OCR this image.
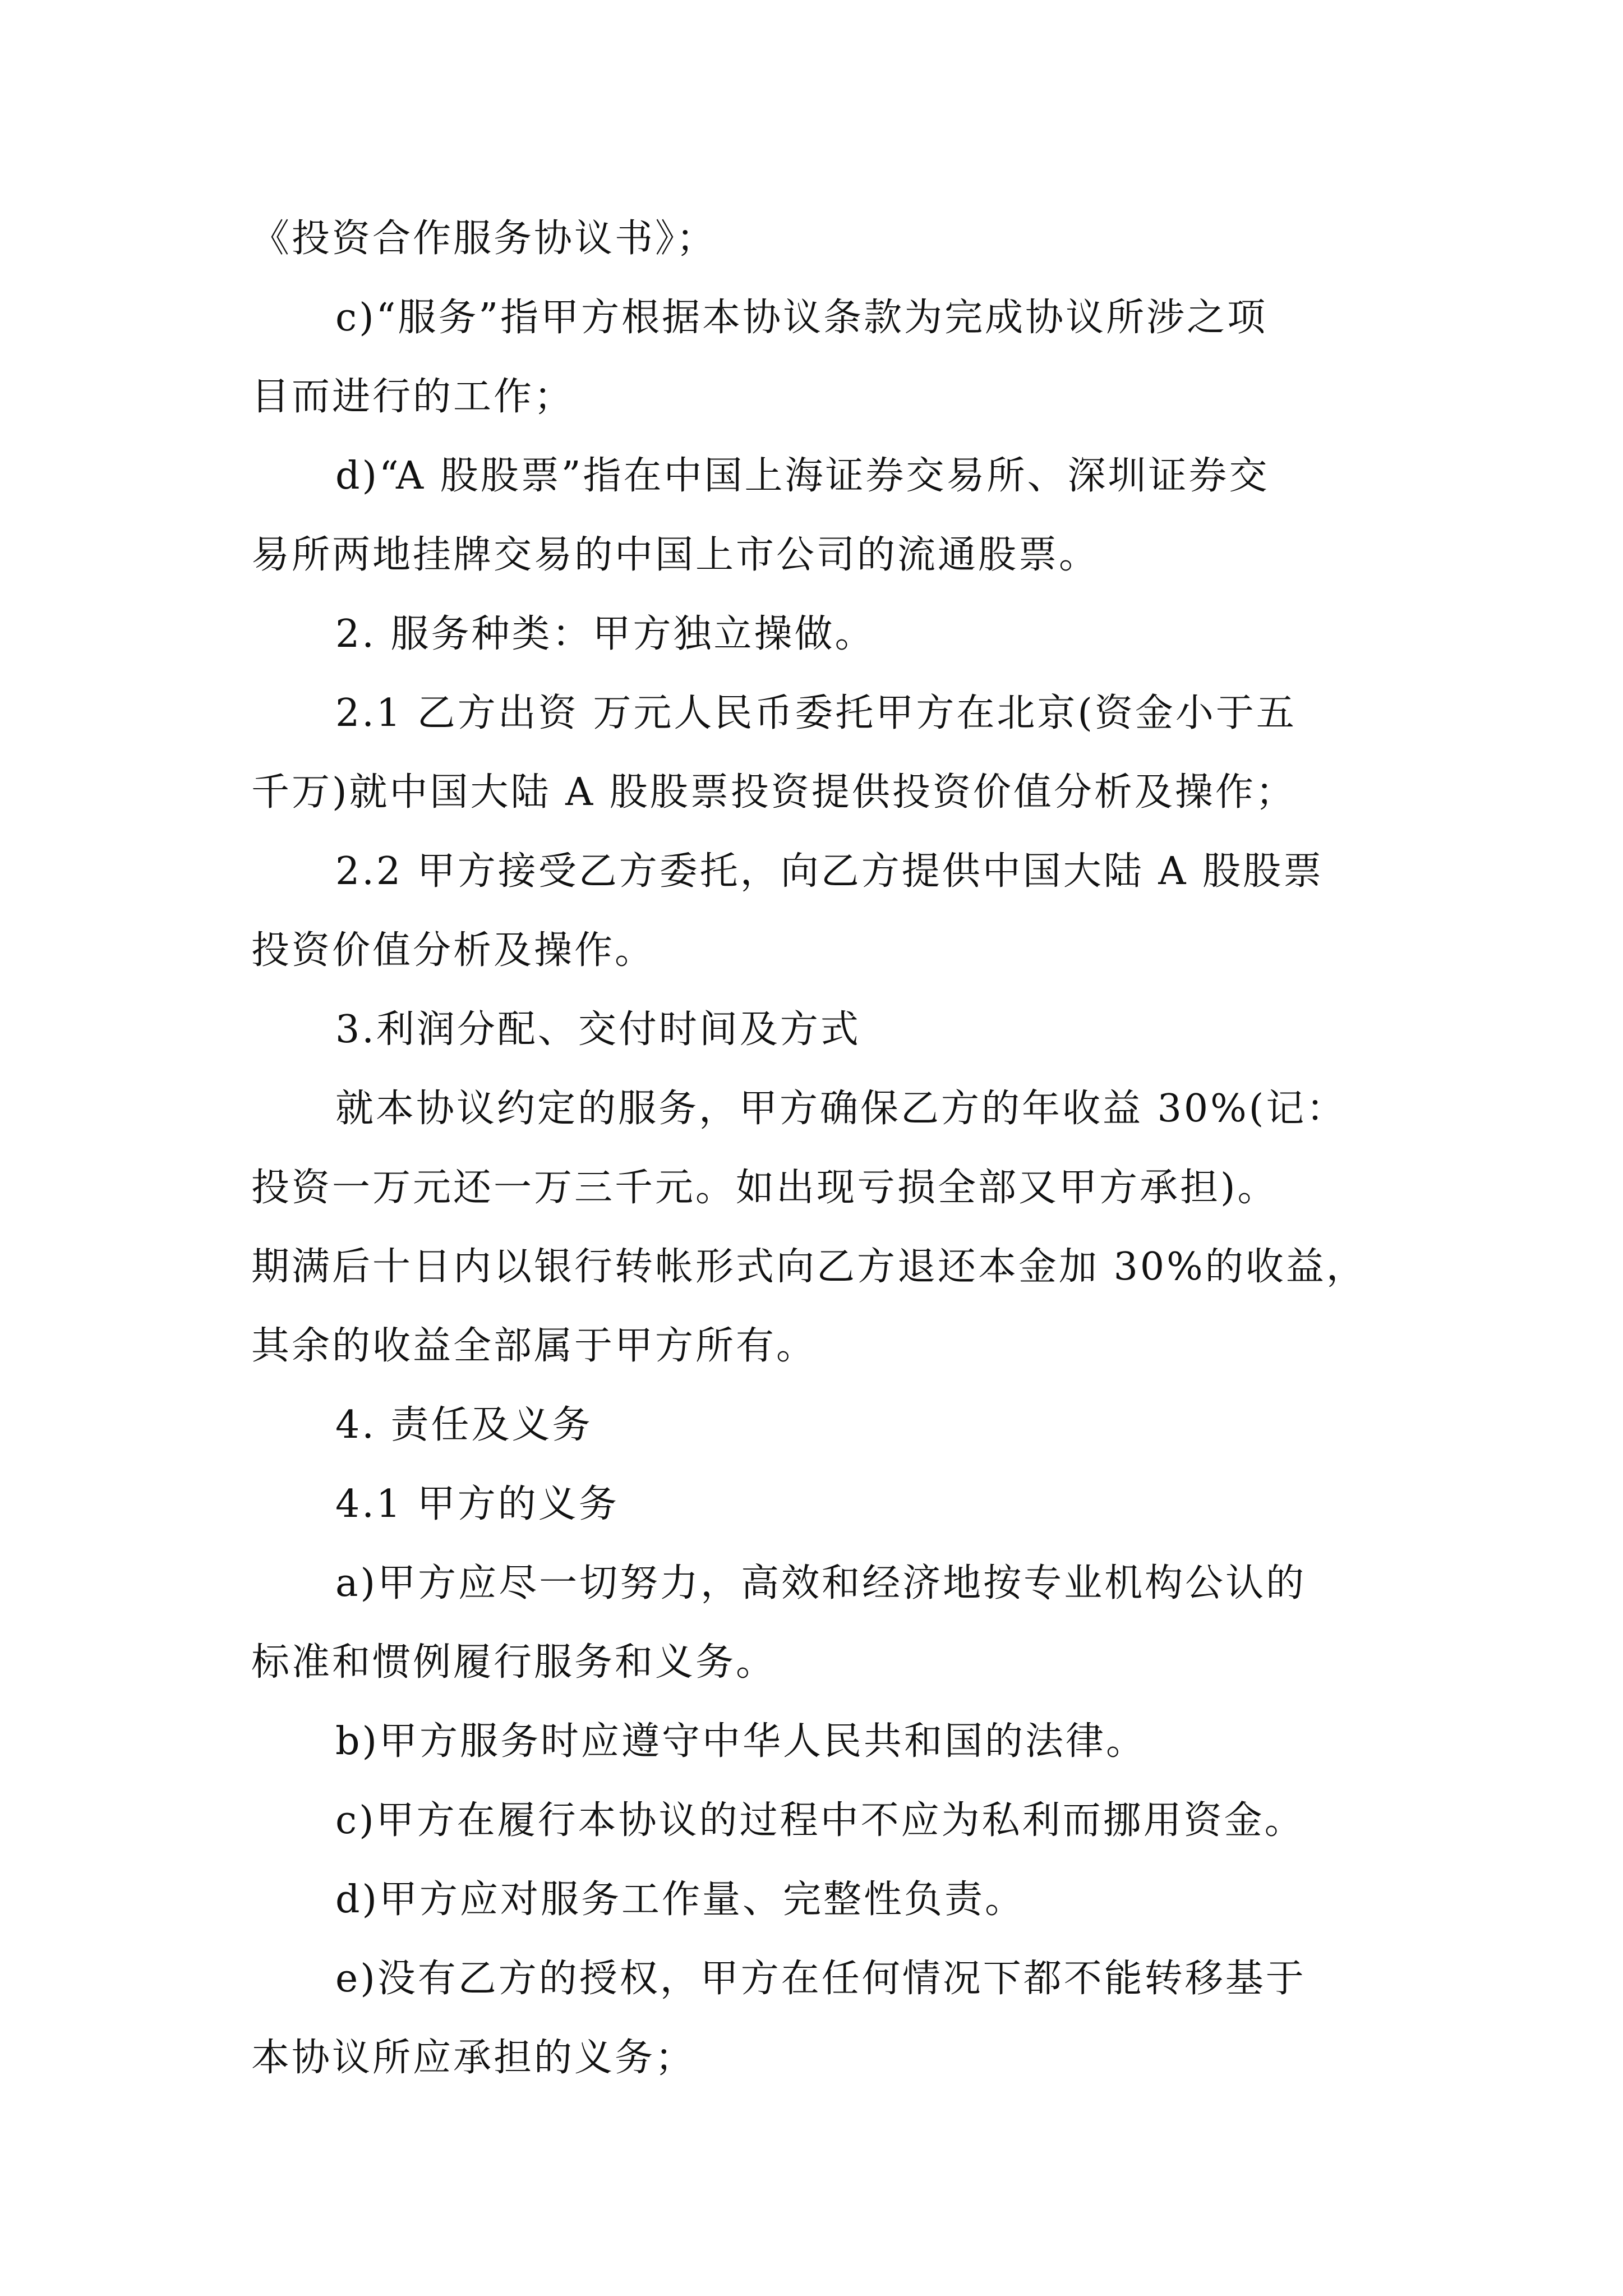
《投资合作服务协议书》；
c)“服务”指甲方根据本协议条款为完成协议所涉之项
目而进行的工作；
d)“A 股股票”指在中国上海证券交易所、深圳证券交
易所两地挂牌交易的中国上市公司的流通股票。
2. 服务种类：甲方独立操做。
2.1 乙方出资 万元人民币委托甲方在北京(资金小于五
千万)就中国大陆 A 股股票投资提供投资价值分析及操作；
2.2 甲方接受乙方委托，向乙方提供中国大陆 A 股股票
投资价值分析及操作。
3.利润分配、交付时间及方式
就本协议约定的服务，甲方确保乙方的年收益 30%(记：
投资一万元还一万三千元。如出现亏损全部又甲方承担)。
期满后十日内以银行转帐形式向乙方退还本金加 30%的收益，
其余的收益全部属于甲方所有。
4. 责任及义务
4.1 甲方的义务
a)甲方应尽一切努力，高效和经济地按专业机构公认的
标准和惯例履行服务和义务。
b)甲方服务时应遵守中华人民共和国的法律。
c)甲方在履行本协议的过程中不应为私利而挪用资金。
d)甲方应对服务工作量、完整性负责。
e)没有乙方的授权，甲方在任何情况下都不能转移基于
本协议所应承担的义务；
